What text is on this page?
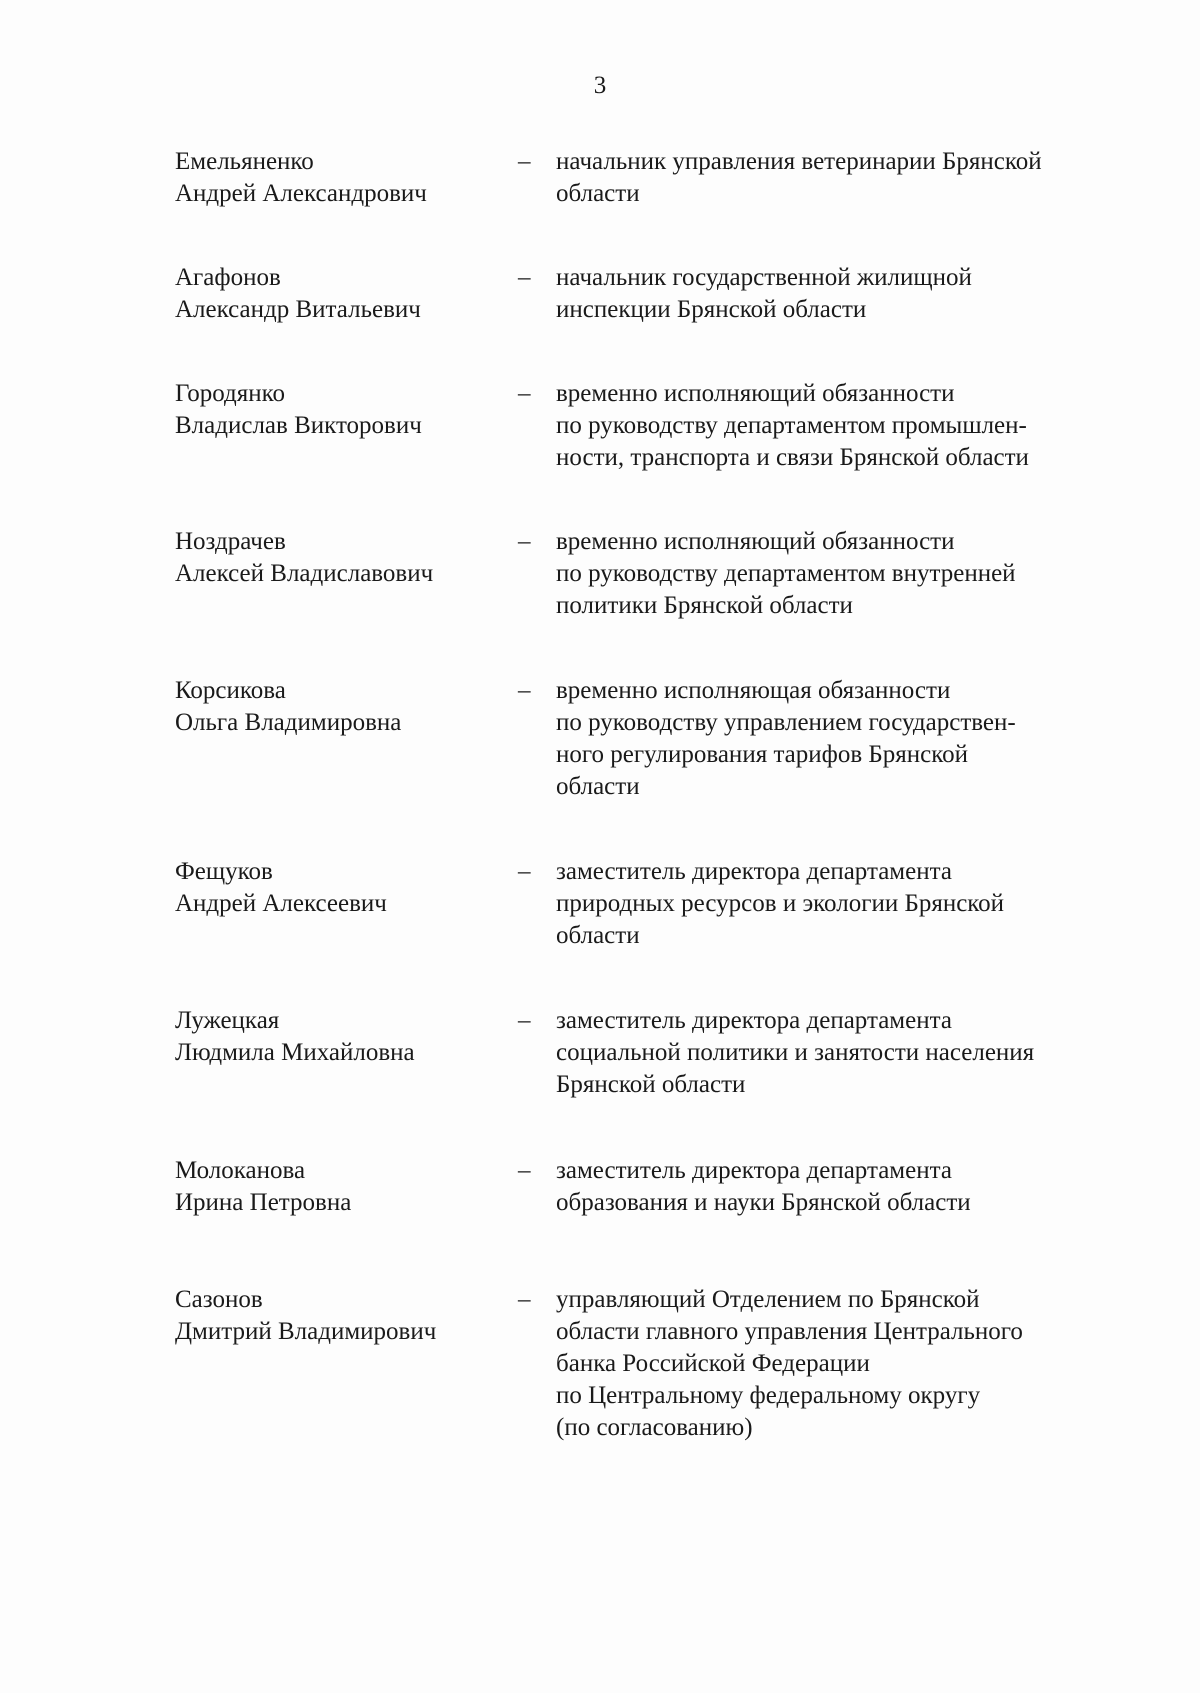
3
Емельяненко
Андрей Александрович
–	начальник управления ветеринарии Брянской
области
Агафонов
Александр Витальевич
–	начальник государственной жилищной
инспекции Брянской области
Городянко
Владислав Викторович
–	временно исполняющий обязанности
по руководству департаментом промышлен-
ности, транспорта и связи Брянской области
Ноздрачев
Алексей Владиславович
–	временно исполняющий обязанности
по руководству департаментом внутренней
политики Брянской области
Корсикова
Ольга Владимировна
–	временно исполняющая обязанности
по руководству управлением государствен-
ного регулирования тарифов Брянской
области
Фещуков
Андрей Алексеевич
–	заместитель директора департамента
природных ресурсов и экологии Брянской
области
Лужецкая
Людмила Михайловна
–	заместитель директора департамента
социальной политики и занятости населения
Брянской области
Молоканова
Ирина Петровна
–	заместитель директора департамента
образования и науки Брянской области
Сазонов
Дмитрий Владимирович
–	управляющий Отделением по Брянской
области главного управления Центрального
банка Российской Федерации
по Центральному федеральному округу
(по согласованию)
